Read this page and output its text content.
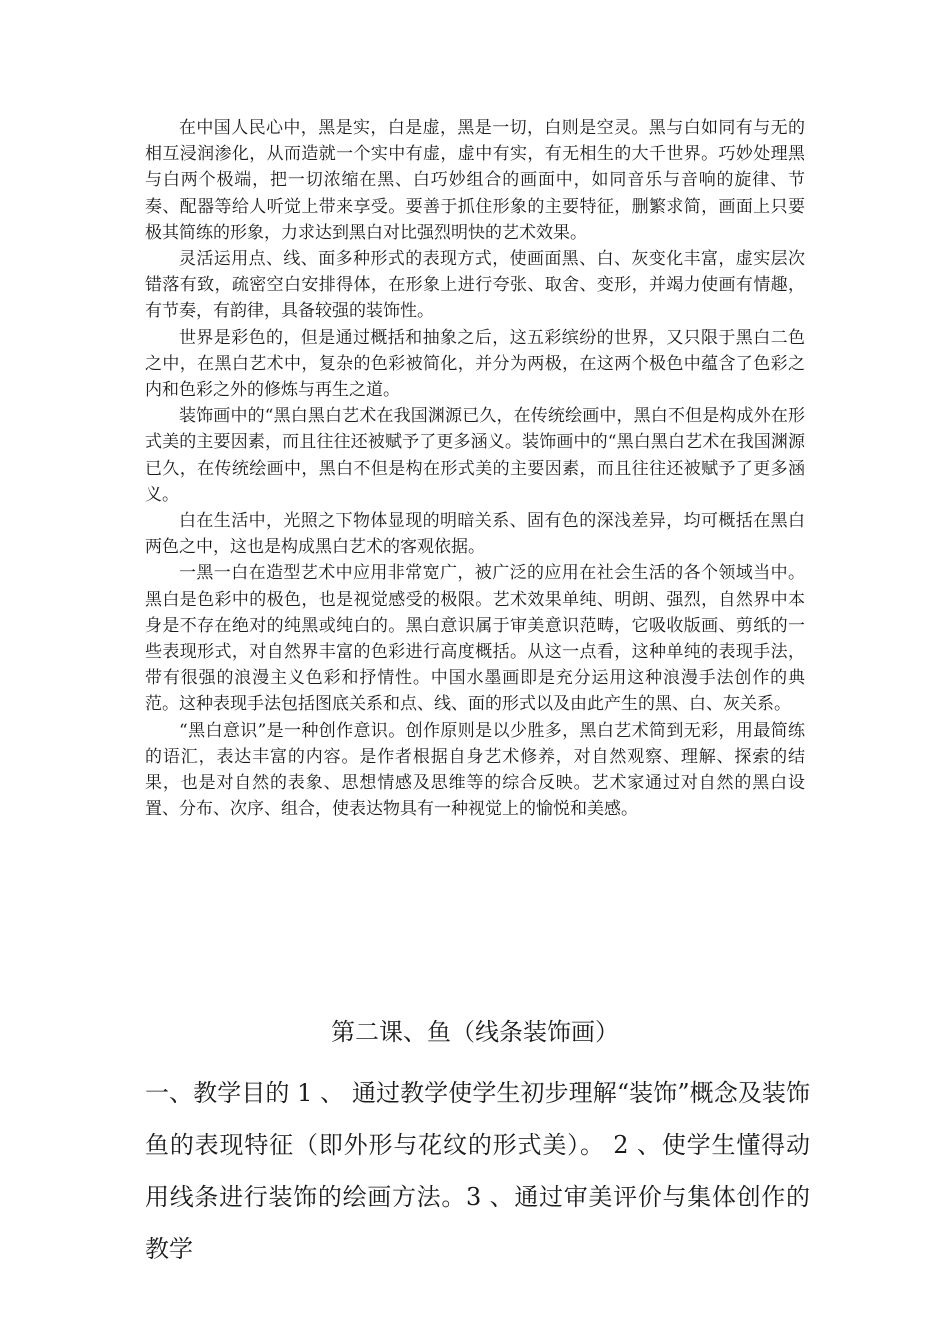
在中国人民心中，黑是实，白是虚，黑是一切，白则是空灵。黑与白如同有与无的相互浸润渗化，从而造就一个实中有虚，虚中有实，有无相生的大千世界。巧妙处理黑与白两个极端，把一切浓缩在黑、白巧妙组合的画面中，如同音乐与音响的旋律、节奏、配器等给人听觉上带来享受。要善于抓住形象的主要特征，删繁求简，画面上只要极其简练的形象，力求达到黑白对比强烈明快的艺术效果。

灵活运用点、线、面多种形式的表现方式，使画面黑、白、灰变化丰富，虚实层次错落有致，疏密空白安排得体，在形象上进行夸张、取舍、变形，并竭力使画有情趣，有节奏，有韵律，具备较强的装饰性。

世界是彩色的，但是通过概括和抽象之后，这五彩缤纷的世界，又只限于黑白二色之中，在黑白艺术中，复杂的色彩被简化，并分为两极，在这两个极色中蕴含了色彩之内和色彩之外的修炼与再生之道。

装饰画中的“黑白黑白艺术在我国渊源已久，在传统绘画中，黑白不但是构成外在形式美的主要因素，而且往往还被赋予了更多涵义。装饰画中的“黑白黑白艺术在我国渊源已久，在传统绘画中，黑白不但是构在形式美的主要因素，而且往往还被赋予了更多涵义。

白在生活中，光照之下物体显现的明暗关系、固有色的深浅差异，均可概括在黑白两色之中，这也是构成黑白艺术的客观依据。

一黑一白在造型艺术中应用非常宽广，被广泛的应用在社会生活的各个领域当中。黑白是色彩中的极色，也是视觉感受的极限。艺术效果单纯、明朗、强烈，自然界中本身是不存在绝对的纯黑或纯白的。黑白意识属于审美意识范畴，它吸收版画、剪纸的一些表现形式，对自然界丰富的色彩进行高度概括。从这一点看，这种单纯的表现手法，带有很强的浪漫主义色彩和抒情性。中国水墨画即是充分运用这种浪漫手法创作的典范。这种表现手法包括图底关系和点、线、面的形式以及由此产生的黑、白、灰关系。

“黑白意识”是一种创作意识。创作原则是以少胜多，黑白艺术简到无彩，用最简练的语汇，表达丰富的内容。是作者根据自身艺术修养，对自然观察、理解、探索的结果，也是对自然的表象、思想情感及思维等的综合反映。艺术家通过对自然的黑白设置、分布、次序、组合，使表达物具有一种视觉上的愉悦和美感。

第二课、鱼（线条装饰画）

一、教学目的 1 、 通过教学使学生初步理解“装饰”概念及装饰鱼的表现特征（即外形与花纹的形式美）。 2 、使学生懂得动用线条进行装饰的绘画方法。3 、通过审美评价与集体创作的教学
